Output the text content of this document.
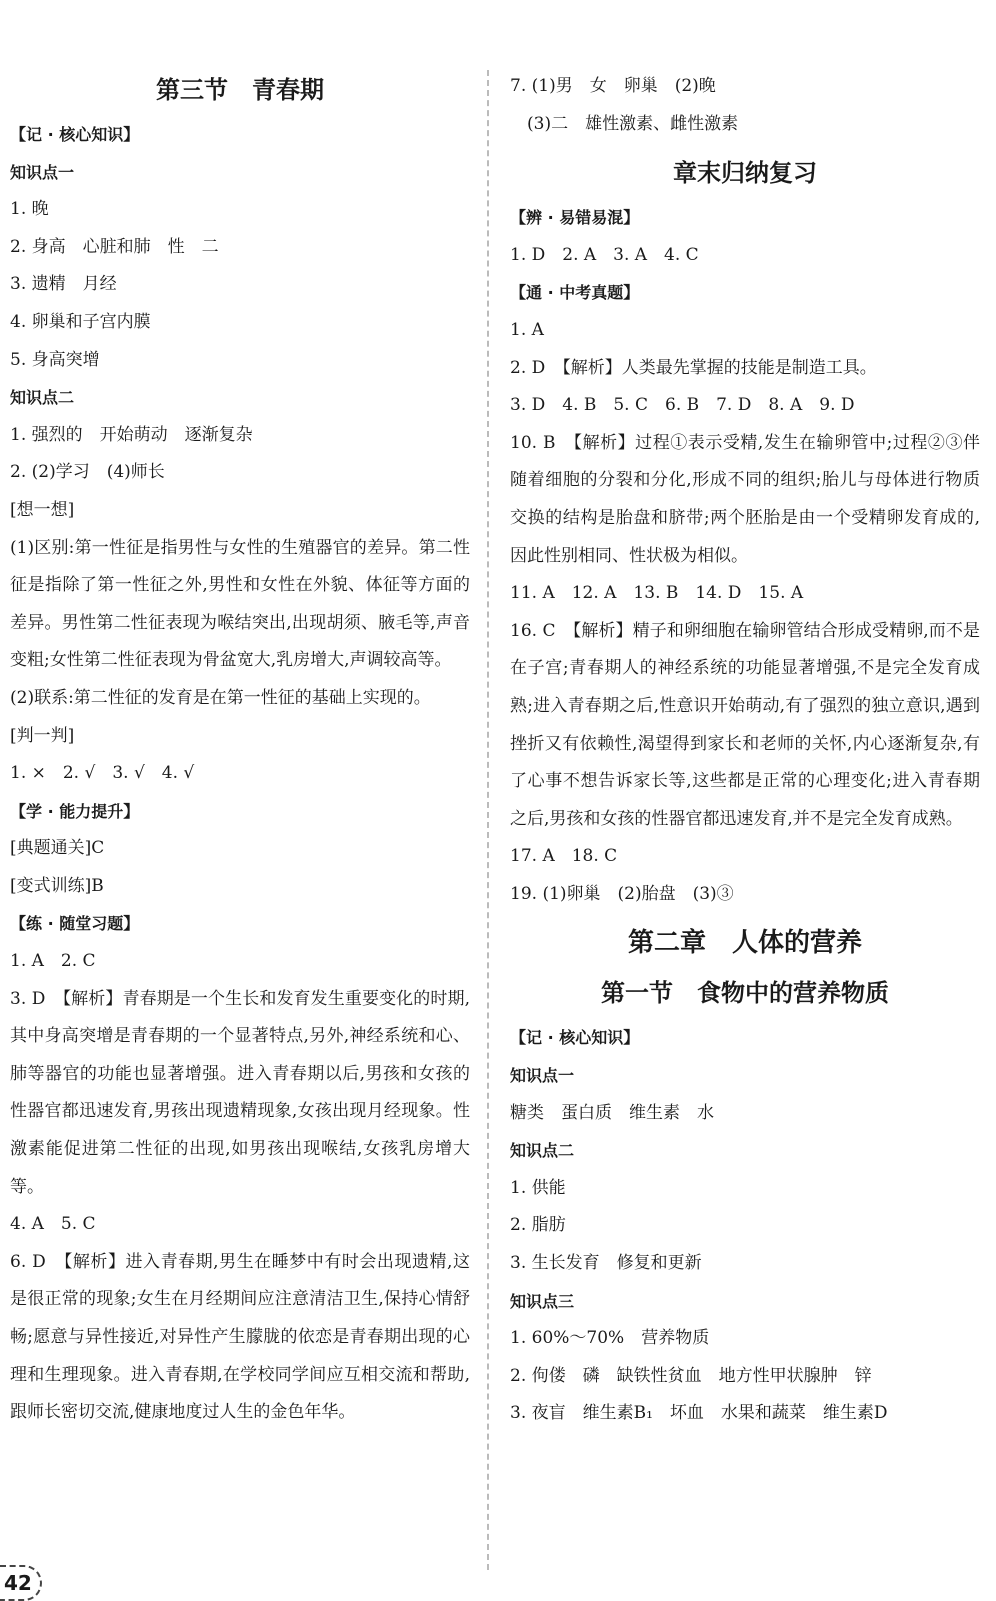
第三节　青春期
【记 · 核心知识】
知识点一
1. 晚
2. 身高　心脏和肺　性　二
3. 遗精　月经
4. 卵巢和子宫内膜
5. 身高突增
知识点二
1. 强烈的　开始萌动　逐渐复杂
2. (2)学习　(4)师长
[想一想]
(1)区别:第一性征是指男性与女性的生殖器官的差异。第二性征是指除了第一性征之外,男性和女性在外貌、体征等方面的差异。男性第二性征表现为喉结突出,出现胡须、腋毛等,声音变粗;女性第二性征表现为骨盆宽大,乳房增大,声调较高等。
(2)联系:第二性征的发育是在第一性征的基础上实现的。
[判一判]
1. ×　2. √　3. √　4. √
【学 · 能力提升】
[典题通关]C
[变式训练]B
【练 · 随堂习题】
1. A　2. C
3. D　【解析】青春期是一个生长和发育发生重要变化的时期,其中身高突增是青春期的一个显著特点,另外,神经系统和心、肺等器官的功能也显著增强。进入青春期以后,男孩和女孩的性器官都迅速发育,男孩出现遗精现象,女孩出现月经现象。性激素能促进第二性征的出现,如男孩出现喉结,女孩乳房增大等。
4. A　5. C
6. D　【解析】进入青春期,男生在睡梦中有时会出现遗精,这是很正常的现象;女生在月经期间应注意清洁卫生,保持心情舒畅;愿意与异性接近,对异性产生朦胧的依恋是青春期出现的心理和生理现象。进入青春期,在学校同学间应互相交流和帮助,跟师长密切交流,健康地度过人生的金色年华。
7. (1)男　女　卵巢　(2)晚
　(3)二　雄性激素、雌性激素
章末归纳复习
【辨 · 易错易混】
1. D　2. A　3. A　4. C
【通 · 中考真题】
1. A
2. D　【解析】人类最先掌握的技能是制造工具。
3. D　4. B　5. C　6. B　7. D　8. A　9. D
10. B　【解析】过程①表示受精,发生在输卵管中;过程②③伴随着细胞的分裂和分化,形成不同的组织;胎儿与母体进行物质交换的结构是胎盘和脐带;两个胚胎是由一个受精卵发育成的,因此性别相同、性状极为相似。
11. A　12. A　13. B　14. D　15. A
16. C　【解析】精子和卵细胞在输卵管结合形成受精卵,而不是在子宫;青春期人的神经系统的功能显著增强,不是完全发育成熟;进入青春期之后,性意识开始萌动,有了强烈的独立意识,遇到挫折又有依赖性,渴望得到家长和老师的关怀,内心逐渐复杂,有了心事不想告诉家长等,这些都是正常的心理变化;进入青春期之后,男孩和女孩的性器官都迅速发育,并不是完全发育成熟。
17. A　18. C
19. (1)卵巢　(2)胎盘　(3)③
第二章　人体的营养
第一节　食物中的营养物质
【记 · 核心知识】
知识点一
糖类　蛋白质　维生素　水
知识点二
1. 供能
2. 脂肪
3. 生长发育　修复和更新
知识点三
1. 60%～70%　营养物质
2. 佝偻　磷　缺铁性贫血　地方性甲状腺肿　锌
3. 夜盲　维生素B₁　坏血　水果和蔬菜　维生素D
42
